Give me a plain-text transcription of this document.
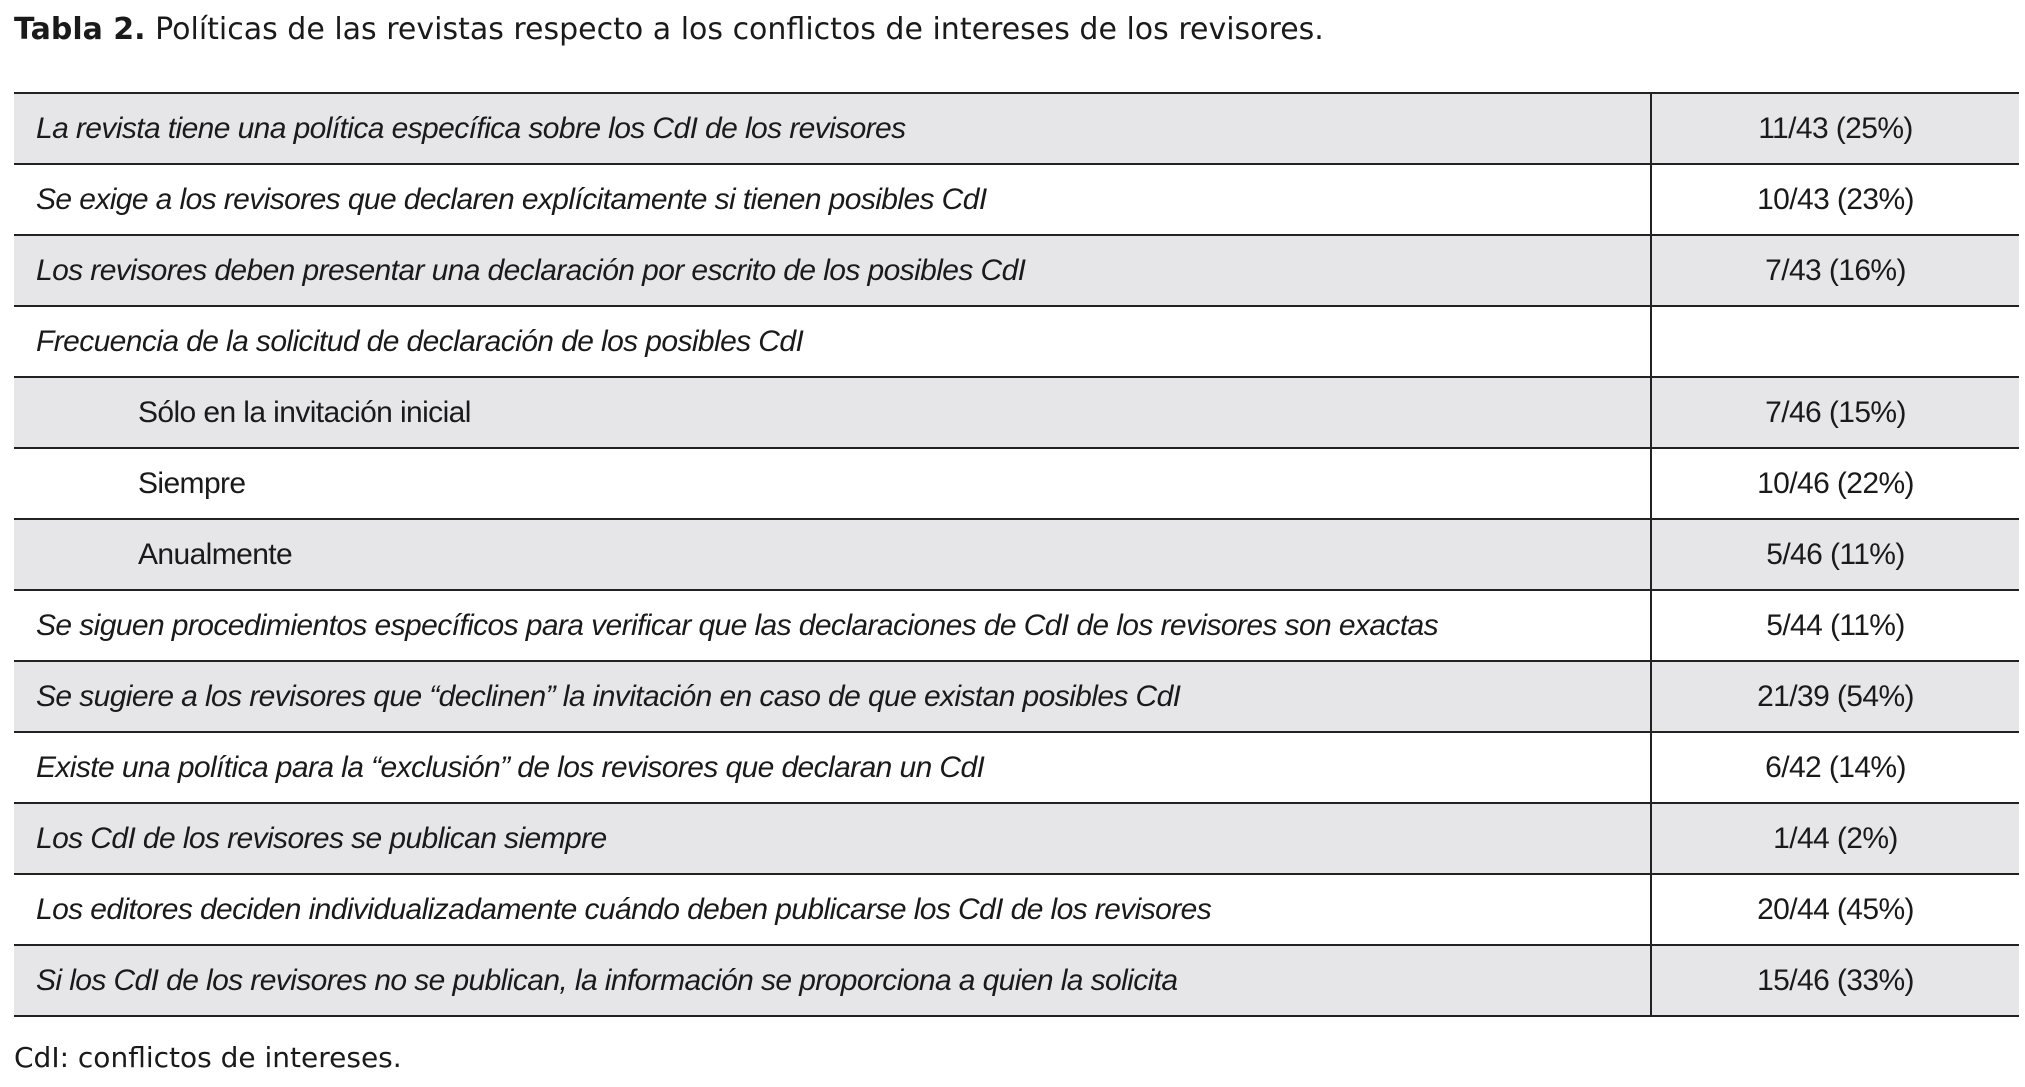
Tabla 2. Políticas de las revistas respecto a los conflictos de intereses de los revisores.
La revista tiene una política específica sobre los CdI de los revisores	11/43 (25%)
Se exige a los revisores que declaren explícitamente si tienen posibles CdI	10/43 (23%)
Los revisores deben presentar una declaración por escrito de los posibles CdI	7/43 (16%)
Frecuencia de la solicitud de declaración de los posibles CdI
Sólo en la invitación inicial	7/46 (15%)
Siempre	10/46 (22%)
Anualmente	5/46 (11%)
Se siguen procedimientos específicos para verificar que las declaraciones de CdI de los revisores son exactas	5/44 (11%)
Se sugiere a los revisores que “declinen” la invitación en caso de que existan posibles CdI	21/39 (54%)
Existe una política para la “exclusión” de los revisores que declaran un CdI	6/42 (14%)
Los CdI de los revisores se publican siempre	1/44 (2%)
Los editores deciden individualizadamente cuándo deben publicarse los CdI de los revisores	20/44 (45%)
Si los CdI de los revisores no se publican, la información se proporciona a quien la solicita	15/46 (33%)
CdI: conflictos de intereses.
